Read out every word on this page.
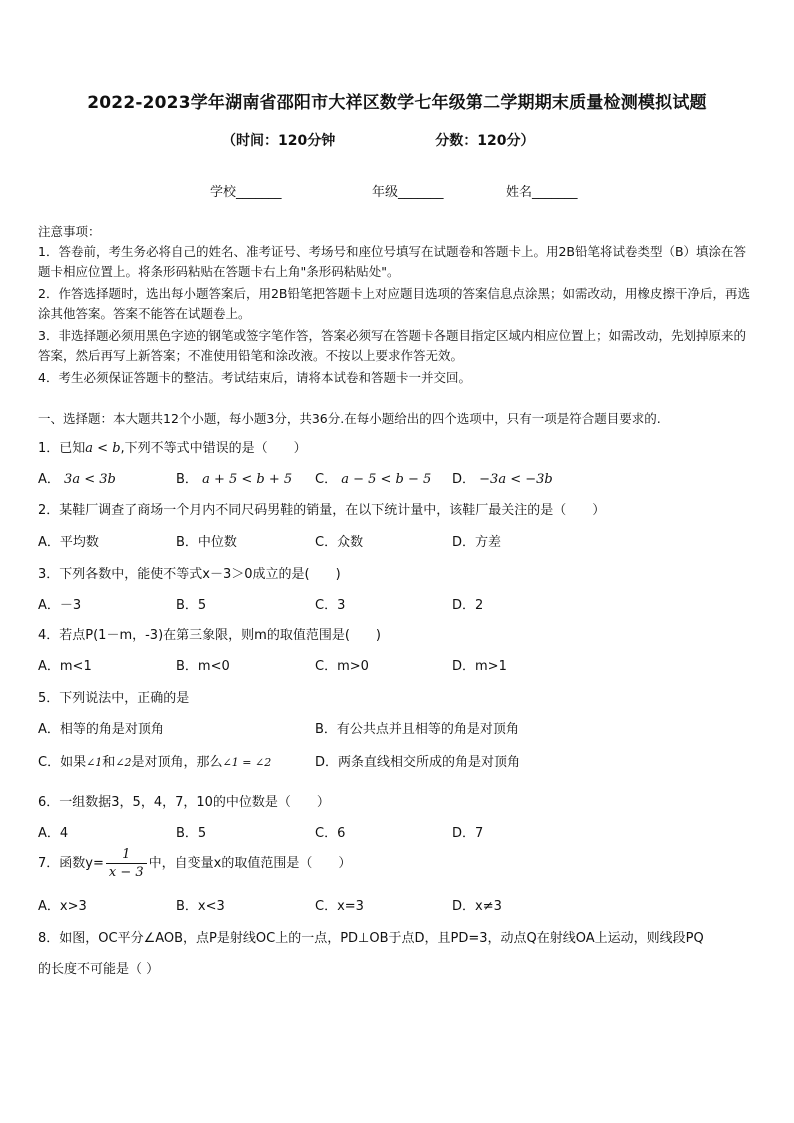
2022-2023学年湖南省邵阳市大祥区数学七年级第二学期期末质量检测模拟试题
（时间：120分钟	分数：120分）
学校_______	年级_______	姓名_______
注意事项：
1．答卷前，考生务必将自己的姓名、准考证号、考场号和座位号填写在试题卷和答题卡上。用2B铅笔将试卷类型（B）填涂在答题卡相应位置上。将条形码粘贴在答题卡右上角"条形码粘贴处"。
2．作答选择题时，选出每小题答案后，用2B铅笔把答题卡上对应题目选项的答案信息点涂黑；如需改动，用橡皮擦干净后，再选涂其他答案。答案不能答在试题卷上。
3．非选择题必须用黑色字迹的钢笔或签字笔作答，答案必须写在答题卡各题目指定区域内相应位置上；如需改动，先划掉原来的答案，然后再写上新答案；不准使用铅笔和涂改液。不按以上要求作答无效。
4．考生必须保证答题卡的整洁。考试结束后，请将本试卷和答题卡一并交回。
一、选择题：本大题共12个小题，每小题3分，共36分.在每小题给出的四个选项中，只有一项是符合题目要求的.
1．已知a < b,下列不等式中错误的是（　　）
A． 3a < 3b	B． a + 5 < b + 5 C． a − 5 < b − 5 D． −3a < −3b
2．某鞋厂调查了商场一个月内不同尺码男鞋的销量，在以下统计量中，该鞋厂最关注的是（　　）
A．平均数	B．中位数	C．众数	D．方差
3．下列各数中，能使不等式x－3＞0成立的是(　　)
A．－3	B．5	C．3	D．2
4．若点P(1－m，-3)在第三象限，则m的取值范围是(　　)
A．m<1	B．m<0	C．m>0	D．m>1
5．下列说法中，正确的是
A．相等的角是对顶角	B．有公共点并且相等的角是对顶角
C．如果∠1和∠2是对顶角，那么∠1 = ∠2	D．两条直线相交所成的角是对顶角
6．一组数据3，5，4，7，10的中位数是（　　）
A．4	B．5	C．6	D．7
7．函数$y= \frac{1}{x - 3}$ 中，自变量x的取值范围是（　　）
A．x>3	B．x<3	C．x=3	D．x≠3
8．如图，OC平分∠AOB，点P是射线OC上的一点，PD⊥OB于点D，且PD=3，动点Q在射线OA上运动，则线段PQ
的长度不可能是（ ）
